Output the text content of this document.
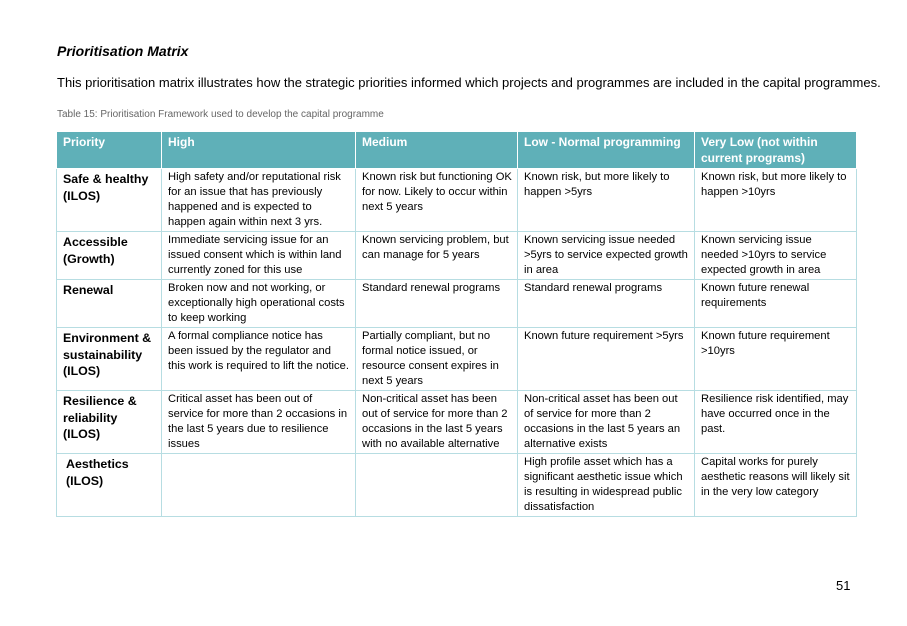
Prioritisation Matrix

This prioritisation matrix illustrates how the strategic priorities informed which projects and programmes are included in the capital programmes.

Table 15: Prioritisation Framework used to develop the capital programme

Priority	High	Medium	Low - Normal programming	Very Low (not within current programs)
Safe & healthy (ILOS)	High safety and/or reputational risk for an issue that has previously happened and is expected to happen again within next 3 yrs.	Known risk but functioning OK for now. Likely to occur within next 5 years	Known risk, but more likely to happen >5yrs	Known risk, but more likely to happen >10yrs
Accessible (Growth)	Immediate servicing issue for an issued consent which is within land currently zoned for this use	Known servicing problem, but can manage for 5 years	Known servicing issue needed >5yrs to service expected growth in area	Known servicing issue needed >10yrs to service expected growth in area
Renewal	Broken now and not working, or exceptionally high operational costs to keep working	Standard renewal programs	Standard renewal programs	Known future renewal requirements
Environment & sustainability (ILOS)	A formal compliance notice has been issued by the regulator and this work is required to lift the notice.	Partially compliant, but no formal notice issued, or resource consent expires in next 5 years	Known future requirement >5yrs	Known future requirement >10yrs
Resilience & reliability (ILOS)	Critical asset has been out of service for more than 2 occasions in the last 5 years due to resilience issues	Non-critical asset has been out of service for more than 2 occasions in the last 5 years with no available alternative	Non-critical asset has been out of service for more than 2 occasions in the last 5 years an alternative exists	Resilience risk identified, may have occurred once in the past.
Aesthetics (ILOS)			High profile asset which has a significant aesthetic issue which is resulting in widespread public dissatisfaction	Capital works for purely aesthetic reasons will likely sit in the very low category

51
